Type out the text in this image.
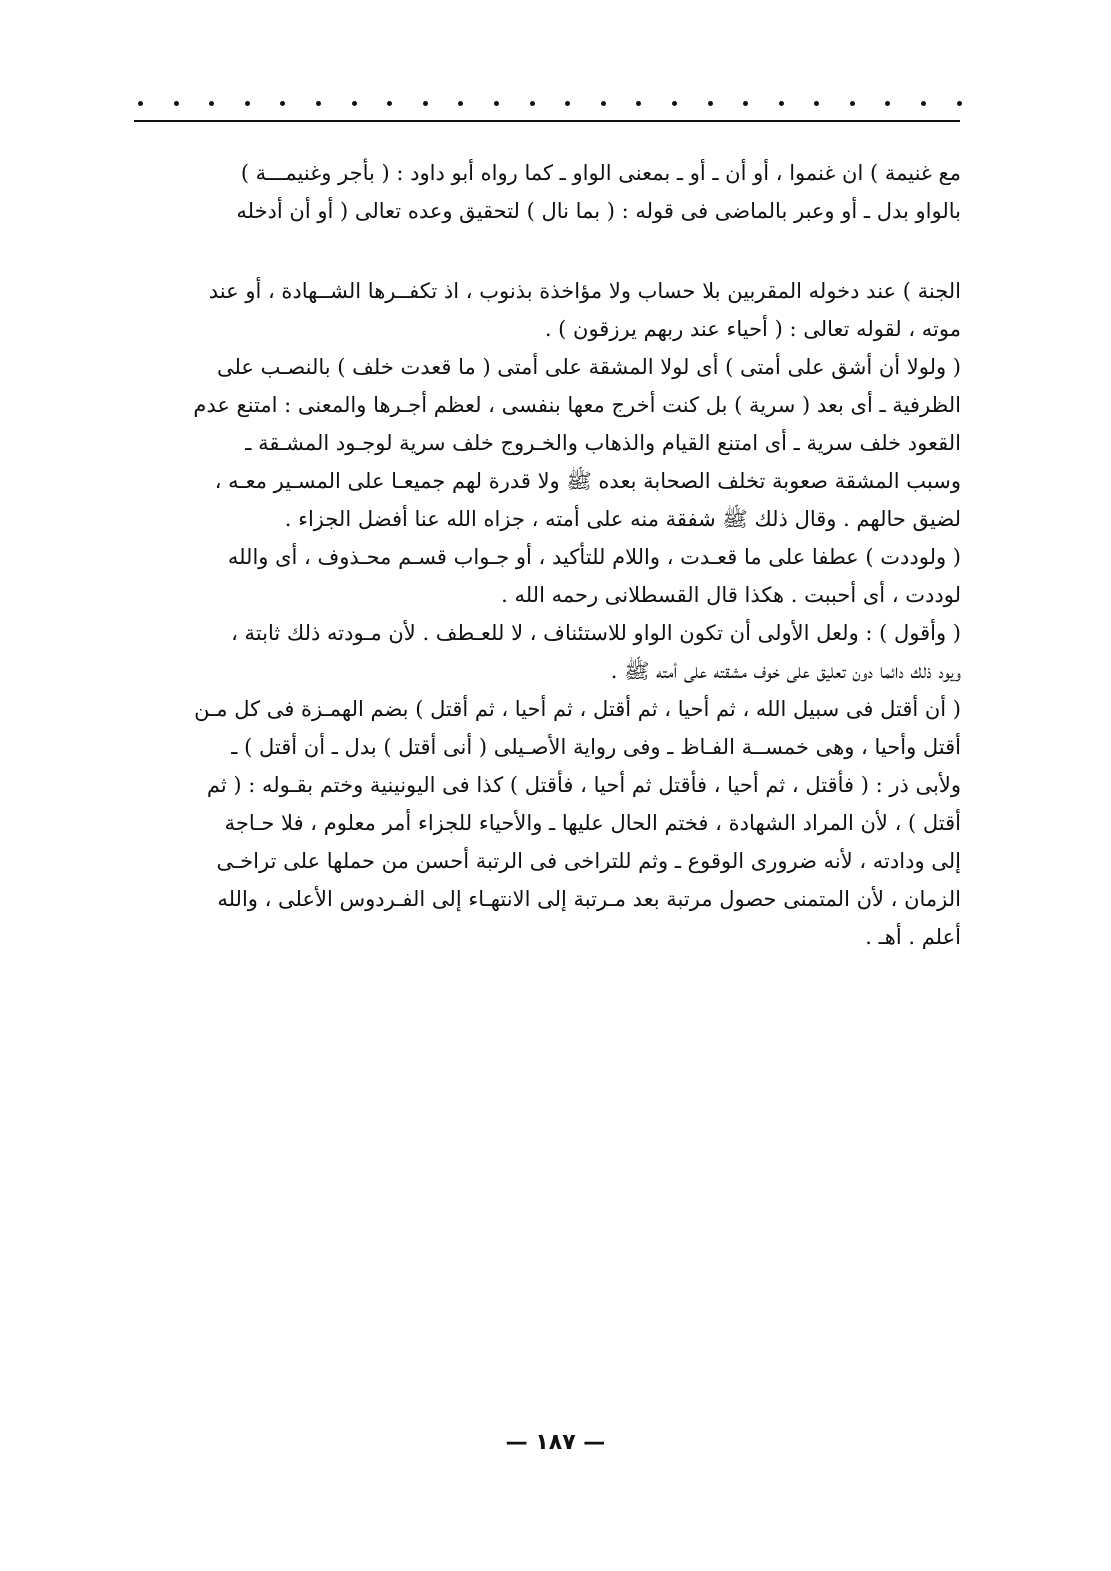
مع غنيمة ) ان غنموا ، أو أن ـ أو ـ بمعنى الواو ـ كما رواه أبو داود : ( بأجر وغنيمـــة )
بالواو بدل ـ أو وعبر بالماضى فى قوله : ( بما نال ) لتحقيق وعده تعالى ( أو أن أدخله
الجنة ) عند دخوله المقربين بلا حساب ولا مؤاخذة بذنوب ، اذ تكفــرها الشــهادة ، أو عند
موته ، لقوله تعالى : ( أحياء عند ربهم يرزقون ) .
( ولولا أن أشق على أمتى ) أى لولا المشقة على أمتى ( ما قعدت خلف ) بالنصـب على
الظرفية ـ أى بعد ( سرية ) بل كنت أخرج معها بنفسى ، لعظم أجـرها والمعنى : امتنع عدم
القعود خلف سرية ـ أى امتنع القيام والذهاب والخـروج خلف سرية لوجـود المشـقة ـ
وسبب المشقة صعوبة تخلف الصحابة بعده ﷺ ولا قدرة لهم جميعـا على المسـير معـه ،
لضيق حالهم . وقال ذلك ﷺ شفقة منه على أمته ، جزاه الله عنا أفضل الجزاء .
( ولوددت ) عطفا على ما قعـدت ، واللام للتأكيد ، أو جـواب قسـم محـذوف ، أى والله
لوددت ، أى أحببت . هكذا قال القسطلانى رحمه الله .
( وأقول ) : ولعل الأولى أن تكون الواو للاستئناف ، لا للعـطف . لأن مـودته ذلك ثابتة ،
ويود ذلك دائما دون تعليق على خوف مشقته على أمته ﷺ .
( أن أقتل فى سبيل الله ، ثم أحيا ، ثم أقتل ، ثم أحيا ، ثم أقتل ) بضم الهمـزة فى كل مـن
أقتل وأحيا ، وهى خمســة الفـاظ ـ وفى رواية الأصـيلى ( أنى أقتل ) بدل ـ أن أقتل ) ـ
ولأبى ذر : ( فأقتل ، ثم أحيا ، فأقتل ثم أحيا ، فأقتل ) كذا فى اليونينية وختم بقـوله : ( ثم
أقتل ) ، لأن المراد الشهادة ، فختم الحال عليها ـ والأحياء للجزاء أمر معلوم ، فلا حـاجة
إلى ودادته ، لأنه ضرورى الوقوع ـ وثم للتراخى فى الرتبة أحسن من حملها على تراخـى
الزمان ، لأن المتمنى حصول مرتبة بعد مـرتبة إلى الانتهـاء إلى الفـردوس الأعلى ، والله
أعلم . أهـ .
— ١٨٧ —
